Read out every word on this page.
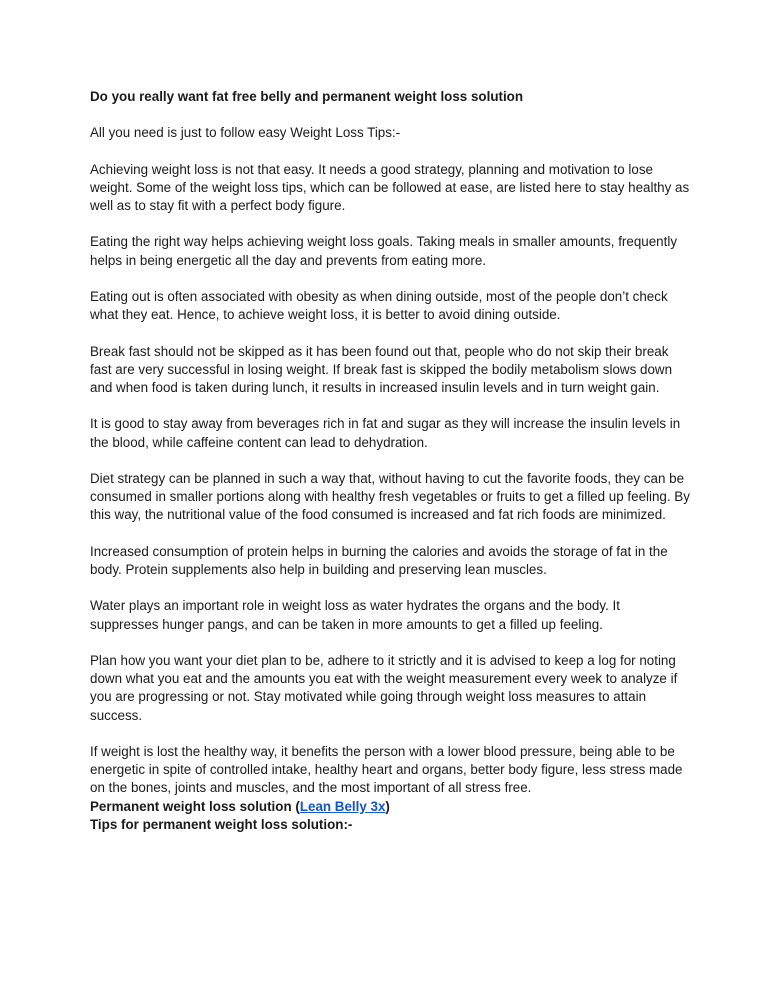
Do you really want fat free belly and permanent weight loss solution

All you need is just to follow easy Weight Loss Tips:-

Achieving weight loss is not that easy. It needs a good strategy, planning and motivation to lose weight. Some of the weight loss tips, which can be followed at ease, are listed here to stay healthy as well as to stay fit with a perfect body figure.

Eating the right way helps achieving weight loss goals. Taking meals in smaller amounts, frequently helps in being energetic all the day and prevents from eating more.

Eating out is often associated with obesity as when dining outside, most of the people don’t check what they eat. Hence, to achieve weight loss, it is better to avoid dining outside.

Break fast should not be skipped as it has been found out that, people who do not skip their break fast are very successful in losing weight. If break fast is skipped the bodily metabolism slows down and when food is taken during lunch, it results in increased insulin levels and in turn weight gain.

It is good to stay away from beverages rich in fat and sugar as they will increase the insulin levels in the blood, while caffeine content can lead to dehydration.

Diet strategy can be planned in such a way that, without having to cut the favorite foods, they can be consumed in smaller portions along with healthy fresh vegetables or fruits to get a filled up feeling. By this way, the nutritional value of the food consumed is increased and fat rich foods are minimized.

Increased consumption of protein helps in burning the calories and avoids the storage of fat in the body. Protein supplements also help in building and preserving lean muscles.

Water plays an important role in weight loss as water hydrates the organs and the body. It suppresses hunger pangs, and can be taken in more amounts to get a filled up feeling.

Plan how you want your diet plan to be, adhere to it strictly and it is advised to keep a log for noting down what you eat and the amounts you eat with the weight measurement every week to analyze if you are progressing or not. Stay motivated while going through weight loss measures to attain success.

If weight is lost the healthy way, it benefits the person with a lower blood pressure, being able to be energetic in spite of controlled intake, healthy heart and organs, better body figure, less stress made on the bones, joints and muscles, and the most important of all stress free.

Permanent weight loss solution (Lean Belly 3x)

Tips for permanent weight loss solution:-
